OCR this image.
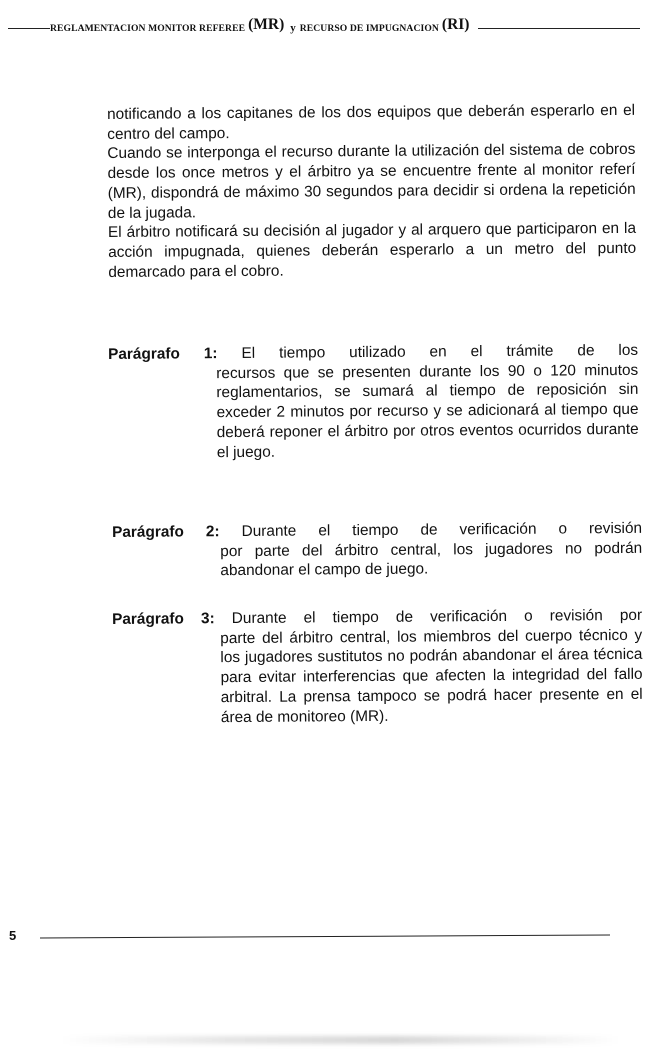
REGLAMENTACION MONITOR REFEREE (MR) y RECURSO DE IMPUGNACION (RI)

notificando a los capitanes de los dos equipos que deberán esperarlo en el centro del campo.

Cuando se interponga el recurso durante la utilización del sistema de cobros desde los once metros y el árbitro ya se encuentre frente al monitor referí (MR), dispondrá de máximo 30 segundos para decidir si ordena la repetición de la jugada.

El árbitro notificará su decisión al jugador y al arquero que participaron en la acción impugnada, quienes deberán esperarlo a un metro del punto demarcado para el cobro.

Parágrafo 1: El tiempo utilizado en el trámite de los
recursos que se presenten durante los 90 o 120 minutos reglamentarios, se sumará al tiempo de reposición sin exceder 2 minutos por recurso y se adicionará al tiempo que deberá reponer el árbitro por otros eventos ocurridos durante el juego.
Parágrafo 2: Durante el tiempo de verificación o revisión
por parte del árbitro central, los jugadores no podrán abandonar el campo de juego.
Parágrafo 3: Durante el tiempo de verificación o revisión por
parte del árbitro central, los miembros del cuerpo técnico y los jugadores sustitutos no podrán abandonar el área técnica para evitar interferencias que afecten la integridad del fallo arbitral. La prensa tampoco se podrá hacer presente en el área de monitoreo (MR).
5
